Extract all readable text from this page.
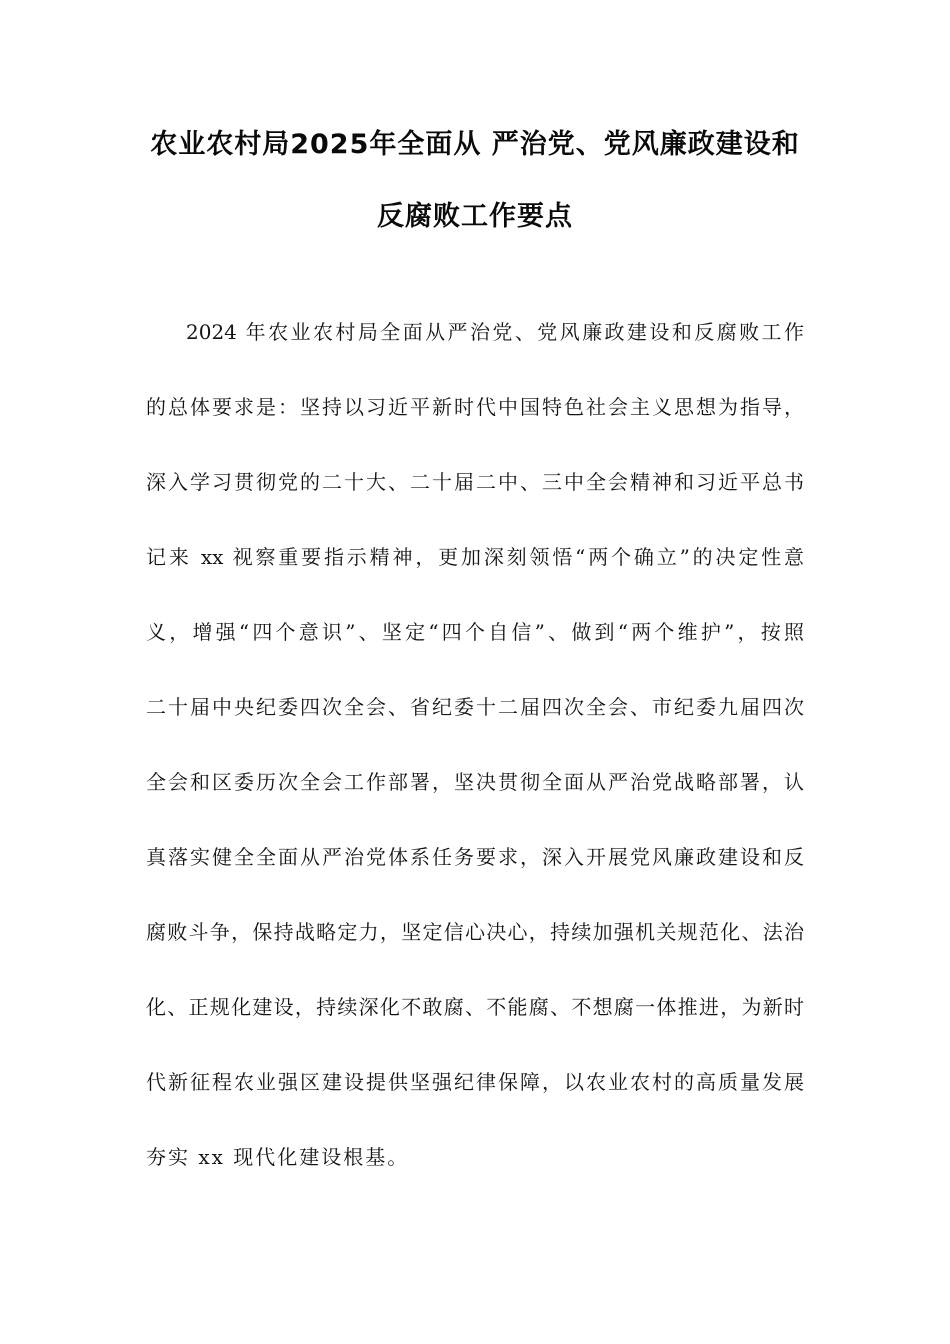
农业农村局2025年全面从 严治党、党风廉政建设和
反腐败工作要点
2024 年农业农村局全面从严治党、党风廉政建设和反腐败工作
的总体要求是：坚持以习近平新时代中国特色社会主义思想为指导，
深入学习贯彻党的二十大、二十届二中、三中全会精神和习近平总书
记来 xx 视察重要指示精神，更加深刻领悟“两个确立”的决定性意
义，增强“四个意识”、坚定“四个自信”、做到“两个维护”，按照
二十届中央纪委四次全会、省纪委十二届四次全会、市纪委九届四次
全会和区委历次全会工作部署，坚决贯彻全面从严治党战略部署，认
真落实健全全面从严治党体系任务要求，深入开展党风廉政建设和反
腐败斗争，保持战略定力，坚定信心决心，持续加强机关规范化、法治
化、正规化建设，持续深化不敢腐、不能腐、不想腐一体推进，为新时
代新征程农业强区建设提供坚强纪律保障，以农业农村的高质量发展
夯实 xx 现代化建设根基。
